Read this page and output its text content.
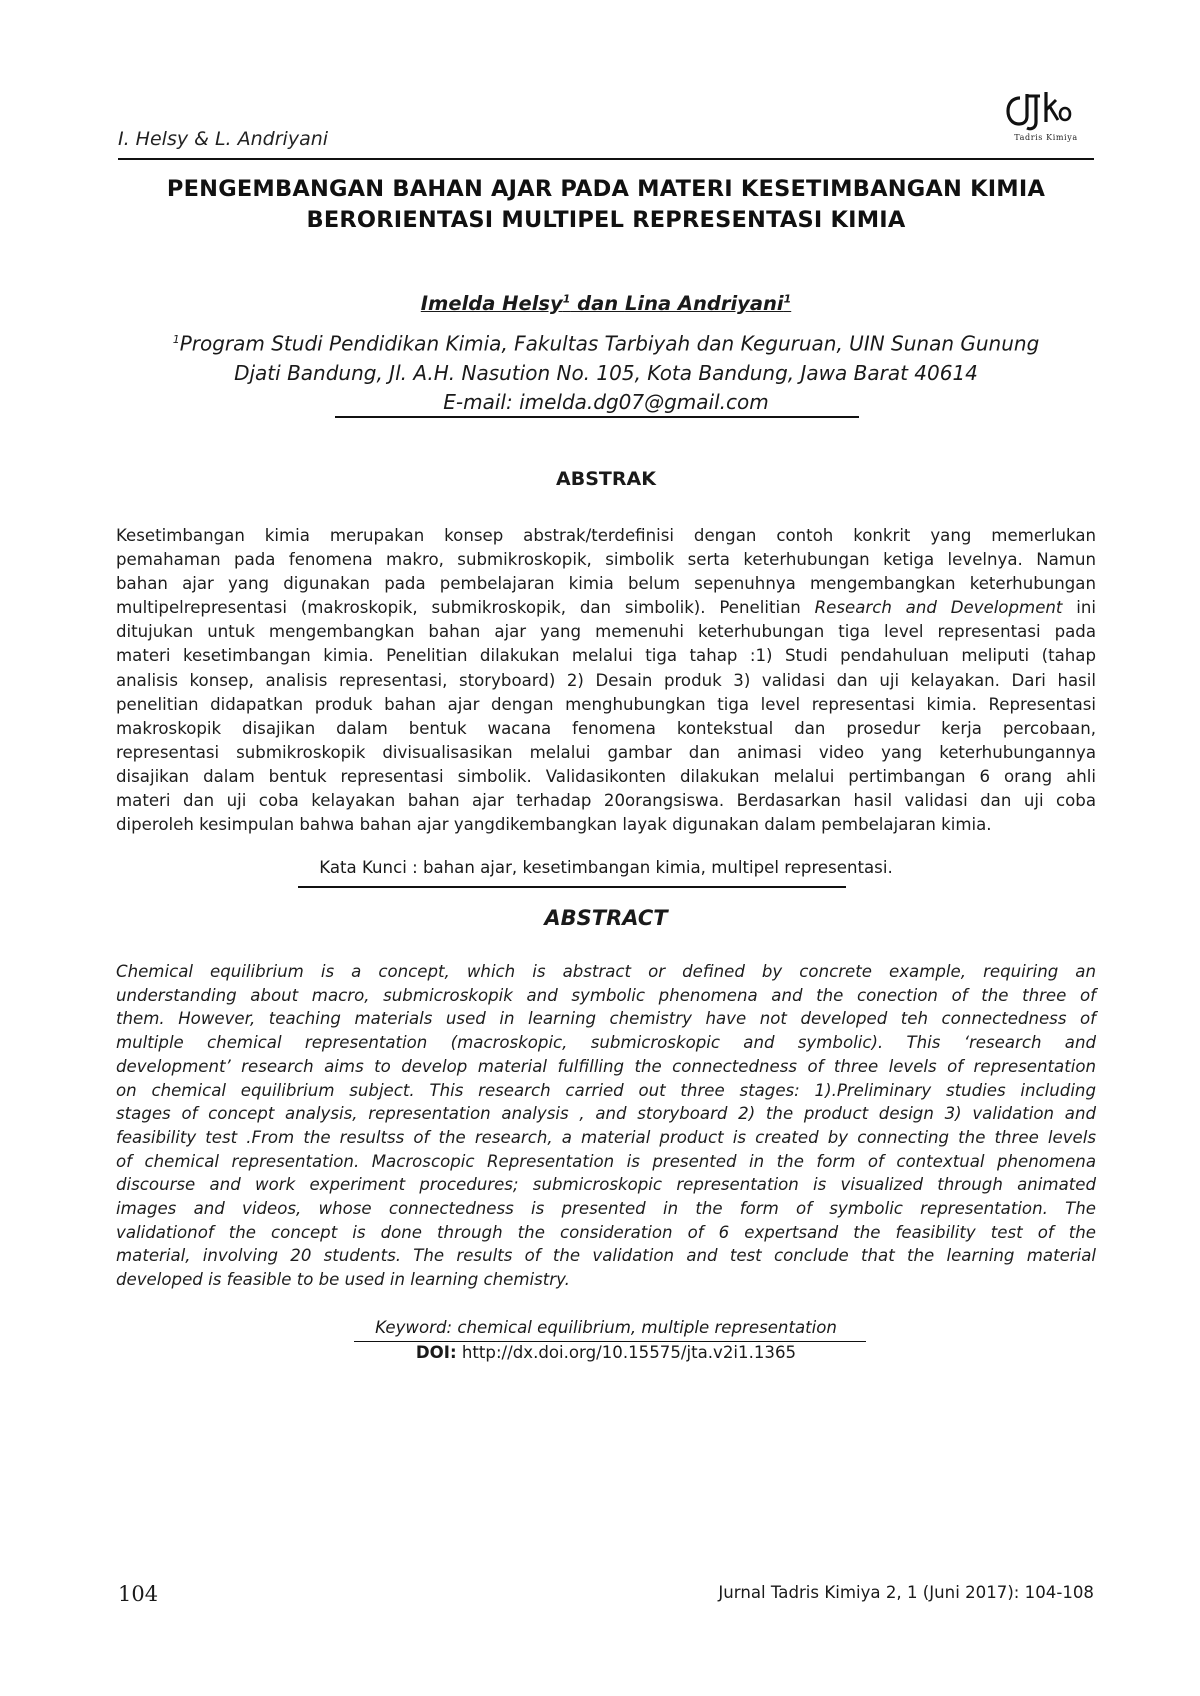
I. Helsy & L. Andriyani	Tadris Kimiya
PENGEMBANGAN BAHAN AJAR PADA MATERI KESETIMBANGAN KIMIA
BERORIENTASI MULTIPEL REPRESENTASI KIMIA
Imelda Helsy$^1$ dan Lina Andriyani$^1$
$^1$Program Studi Pendidikan Kimia, Fakultas Tarbiyah dan Keguruan, UIN Sunan Gunung
Djati Bandung, Jl. A.H. Nasution No. 105, Kota Bandung, Jawa Barat 40614
E-mail: imelda.dg07@gmail.com
ABSTRAK
Kesetimbangan kimia merupakan konsep abstrak/terdefinisi dengan contoh konkrit yang memerlukan
pemahaman pada fenomena makro, submikroskopik, simbolik serta keterhubungan ketiga levelnya. Namun
bahan ajar yang digunakan pada pembelajaran kimia belum sepenuhnya mengembangkan keterhubungan
multipelrepresentasi (makroskopik, submikroskopik, dan simbolik). Penelitian Research and Development ini
ditujukan untuk mengembangkan bahan ajar yang memenuhi keterhubungan tiga level representasi pada
materi kesetimbangan kimia. Penelitian dilakukan melalui tiga tahap :1) Studi pendahuluan meliputi (tahap
analisis konsep, analisis representasi, storyboard) 2) Desain produk 3) validasi dan uji kelayakan. Dari hasil
penelitian didapatkan produk bahan ajar dengan menghubungkan tiga level representasi kimia. Representasi
makroskopik disajikan dalam bentuk wacana fenomena kontekstual dan prosedur kerja percobaan,
representasi submikroskopik divisualisasikan melalui gambar dan animasi video yang keterhubungannya
disajikan dalam bentuk representasi simbolik. Validasikonten dilakukan melalui pertimbangan 6 orang ahli
materi dan uji coba kelayakan bahan ajar terhadap 20orangsiswa. Berdasarkan hasil validasi dan uji coba
diperoleh kesimpulan bahwa bahan ajar yangdikembangkan layak digunakan dalam pembelajaran kimia.
Kata Kunci : bahan ajar, kesetimbangan kimia, multipel representasi.
ABSTRACT
Chemical equilibrium is a concept, which is abstract or defined by concrete example, requiring an
understanding about macro, submicroskopik and symbolic phenomena and the conection of the three of
them. However, teaching materials used in learning chemistry have not developed teh connectedness of
multiple chemical representation (macroskopic, submicroskopic and symbolic). This ‘research and
development’ research aims to develop material fulfilling the connectedness of three levels of representation
on chemical equilibrium subject. This research carried out three stages: 1).Preliminary studies including
stages of concept analysis, representation analysis , and storyboard 2) the product design 3) validation and
feasibility test .From the resultss of the research, a material product is created by connecting the three levels
of chemical representation. Macroscopic Representation is presented in the form of contextual phenomena
discourse and work experiment procedures; submicroskopic representation is visualized through animated
images and videos, whose connectedness is presented in the form of symbolic representation. The
validationof the concept is done through the consideration of 6 expertsand the feasibility test of the
material, involving 20 students. The results of the validation and test conclude that the learning material
developed is feasible to be used in learning chemistry.
Keyword: chemical equilibrium, multiple representation
DOI: http://dx.doi.org/10.15575/jta.v2i1.1365
104	Jurnal Tadris Kimiya 2, 1 (Juni 2017): 104-108
